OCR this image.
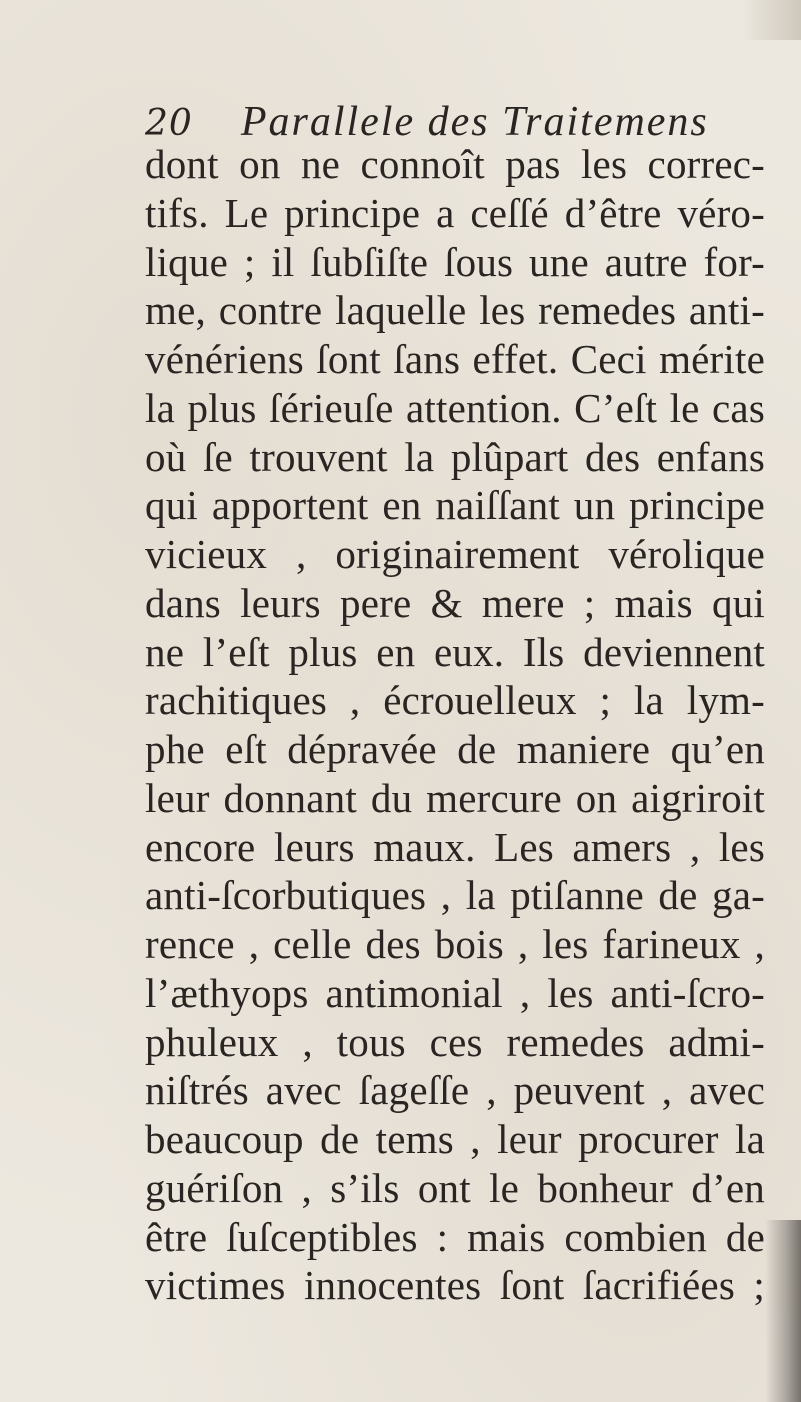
20 Parallele des Traitemens
dont on ne connoît pas les correc-
tifs. Le principe a ceſſé d’être véro-
lique ; il ſubſiſte ſous une autre for-
me, contre laquelle les remedes anti-
vénériens ſont ſans effet. Ceci mérite
la plus ſérieuſe attention. C’eſt le cas
où ſe trouvent la plûpart des enfans
qui apportent en naiſſant un principe
vicieux , originairement vérolique
dans leurs pere & mere ; mais qui
ne l’eſt plus en eux. Ils deviennent
rachitiques , écrouelleux ; la lym-
phe eſt dépravée de maniere qu’en
leur donnant du mercure on aigriroit
encore leurs maux. Les amers , les
anti-ſcorbutiques , la ptiſanne de ga-
rence , celle des bois , les farineux ,
l’æthyops antimonial , les anti-ſcro-
phuleux , tous ces remedes admi-
niſtrés avec ſageſſe , peuvent , avec
beaucoup de tems , leur procurer la
guériſon , s’ils ont le bonheur d’en
être ſuſceptibles : mais combien de
victimes innocentes ſont ſacrifiées ;
